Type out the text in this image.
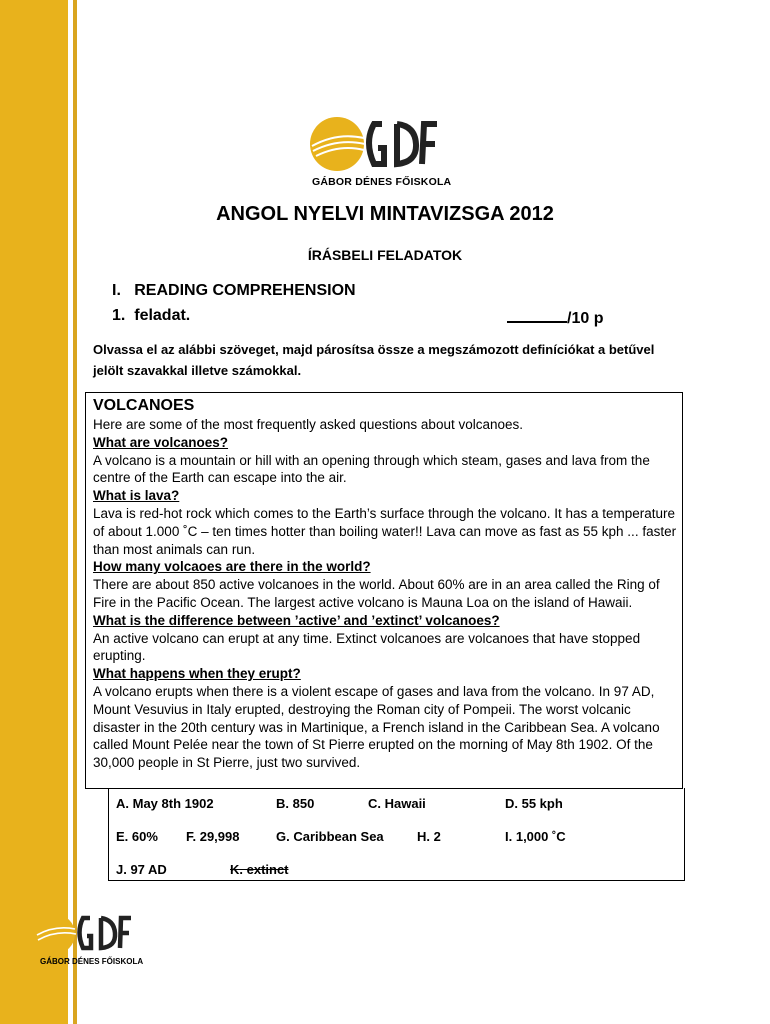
GÁBOR DÉNES FŐISKOLA
ANGOL NYELVI MINTAVIZSGA 2012
ÍRÁSBELI FELADATOK
I.   READING COMPREHENSION
1.  feladat.	/10 p
Olvassa el az alábbi szöveget, majd párosítsa össze a megszámozott definíciókat a betűvel jelölt szavakkal illetve számokkal.
VOLCANOES

Here are some of the most frequently asked questions about volcanoes.

What are volcanoes?

A volcano is a mountain or hill with an opening through which steam, gases and lava from the centre of the Earth can escape into the air.

What is lava?

Lava is red-hot rock which comes to the Earth’s surface through the volcano. It has a temperature of about 1.000 ˚C – ten times hotter than boiling water!! Lava can move as fast as 55 kph ... faster than most animals can run.

How many volcaoes are there in the world?

There are about 850 active volcanoes in the world. About 60% are in an area called the Ring of Fire in the Pacific Ocean. The largest active volcano is Mauna Loa on the island of Hawaii.

What is the difference between ’active’ and ’extinct’ volcanoes?

An active volcano can erupt at any time. Extinct volcanoes are volcanoes that have stopped erupting.

What happens when they erupt?

A volcano erupts when there is a violent escape of gases and lava from the volcano. In 97 AD, Mount Vesuvius in Italy erupted, destroying the Roman city of Pompeii. The worst volcanic disaster in the 20th century was in Martinique, a French island in the Caribbean Sea. A volcano called Mount Pelée near the town of St Pierre erupted on the morning of May 8th 1902. Of the 30,000 people in St Pierre, just two survived.

A. May 8th 1902	B. 850	C. Hawaii	D. 55 kph
E. 60% F. 29,998	G. Caribbean Sea	H. 2	I. 1,000 ˚C
J. 97 AD	K. extinct
GÁBOR DÉNES FŐISKOLA
